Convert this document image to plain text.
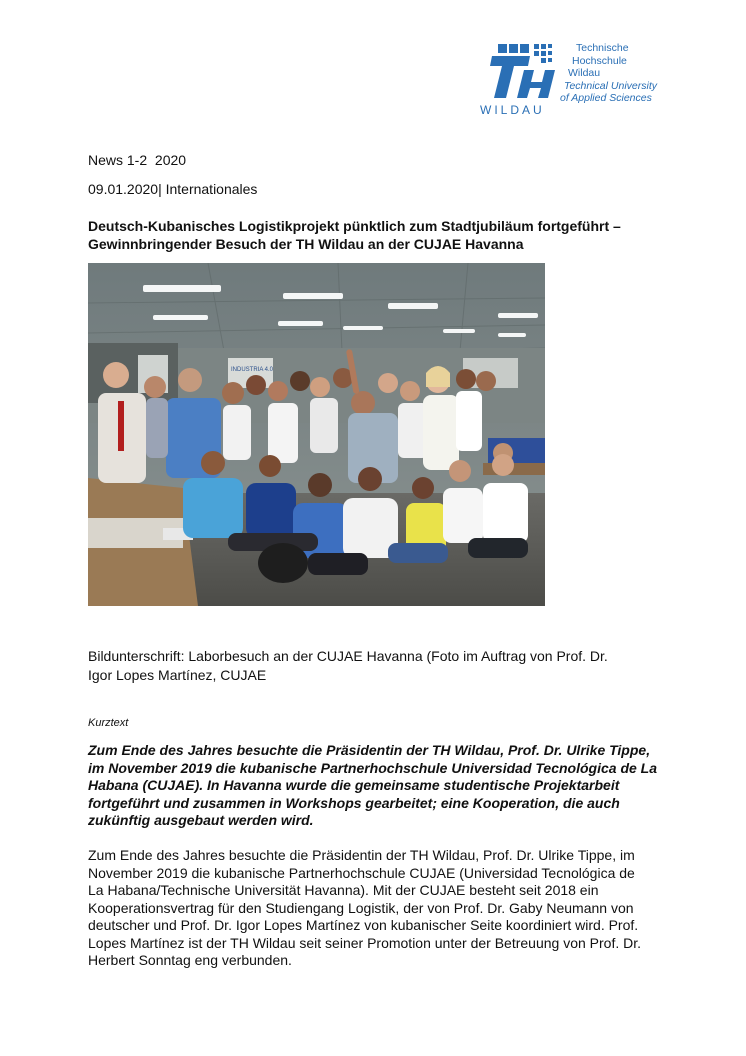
WILDAU
Technische
Hochschule
Wildau
Technical University
of Applied Sciences
News 1-2  2020
09.01.2020| Internationales
Deutsch-Kubanisches Logistikprojekt pünktlich zum Stadtjubiläum fortgeführt – Gewinnbringender Besuch der TH Wildau an der CUJAE Havanna
INDUSTRIA 4.0
Bildunterschrift: Laborbesuch an der CUJAE Havanna (Foto im Auftrag von Prof. Dr. Igor Lopes Martínez, CUJAE
Kurztext
Zum Ende des Jahres besuchte die Präsidentin der TH Wildau, Prof. Dr. Ulrike Tippe, im November 2019 die kubanische Partnerhochschule Universidad Tecnológica de La Habana (CUJAE). In Havanna wurde die gemeinsame studentische Projektarbeit fortgeführt und zusammen in Workshops gearbeitet; eine Kooperation, die auch zukünftig ausgebaut werden wird.
Zum Ende des Jahres besuchte die Präsidentin der TH Wildau, Prof. Dr. Ulrike Tippe, im November 2019 die kubanische Partnerhochschule CUJAE (Universidad Tecnológica de La Habana/Technische Universität Havanna). Mit der CUJAE besteht seit 2018 ein Kooperationsvertrag für den Studiengang Logistik, der von Prof. Dr. Gaby Neumann von deutscher und Prof. Dr. Igor Lopes Martínez von kubanischer Seite koordiniert wird. Prof. Lopes Martínez ist der TH Wildau seit seiner Promotion unter der Betreuung von Prof. Dr. Herbert Sonntag eng verbunden.
